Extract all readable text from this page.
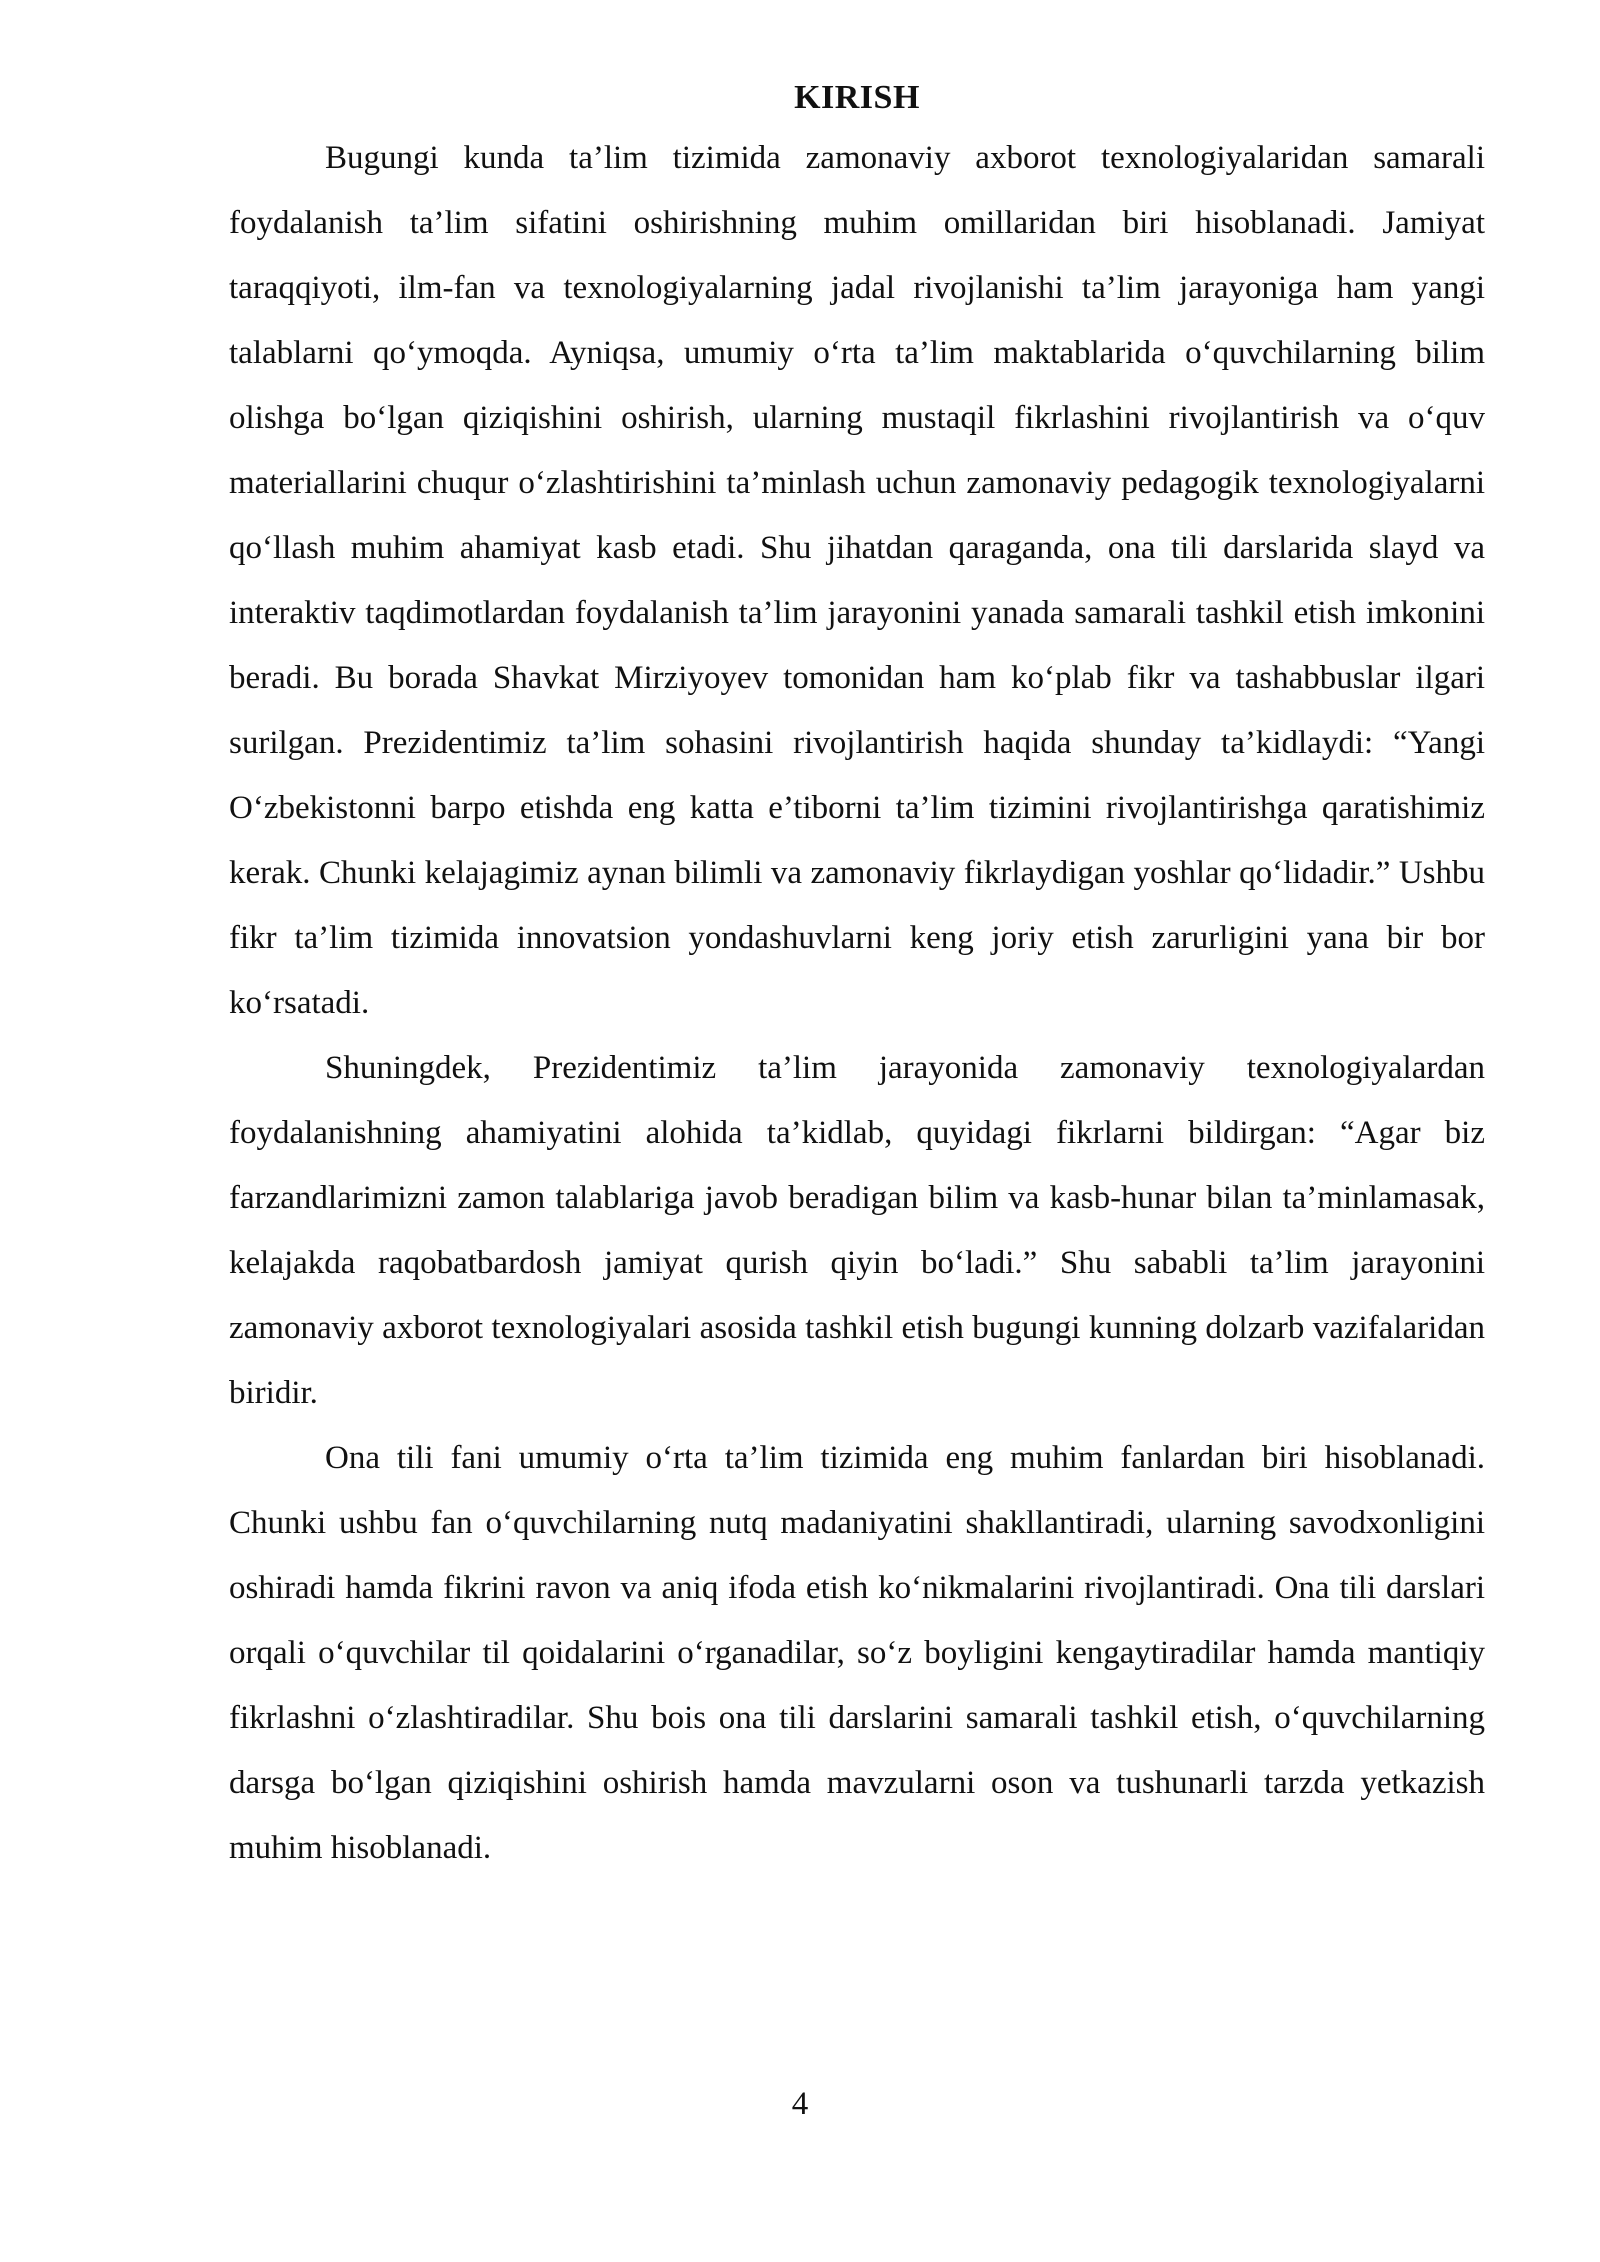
KIRISH

Bugungi kunda ta’lim tizimida zamonaviy axborot texnologiyalaridan samarali foydalanish ta’lim sifatini oshirishning muhim omillaridan biri hisoblanadi. Jamiyat taraqqiyoti, ilm-fan va texnologiyalarning jadal rivojlanishi ta’lim jarayoniga ham yangi talablarni qo‘ymoqda. Ayniqsa, umumiy o‘rta ta’lim maktablarida o‘quvchilarning bilim olishga bo‘lgan qiziqishini oshirish, ularning mustaqil fikrlashini rivojlantirish va o‘quv materiallarini chuqur o‘zlashtirishini ta’minlash uchun zamonaviy pedagogik texnologiyalarni qo‘llash muhim ahamiyat kasb etadi. Shu jihatdan qaraganda, ona tili darslarida slayd va interaktiv taqdimotlardan foydalanish ta’lim jarayonini yanada samarali tashkil etish imkonini beradi. Bu borada Shavkat Mirziyoyev tomonidan ham ko‘plab fikr va tashabbuslar ilgari surilgan. Prezidentimiz ta’lim sohasini rivojlantirish haqida shunday ta’kidlaydi: “Yangi O‘zbekistonni barpo etishda eng katta e’tiborni ta’lim tizimini rivojlantirishga qaratishimiz kerak. Chunki kelajagimiz aynan bilimli va zamonaviy fikrlaydigan yoshlar qo‘lidadir.” Ushbu fikr ta’lim tizimida innovatsion yondashuvlarni keng joriy etish zarurligini yana bir bor ko‘rsatadi.

Shuningdek, Prezidentimiz ta’lim jarayonida zamonaviy texnologiyalardan foydalanishning ahamiyatini alohida ta’kidlab, quyidagi fikrlarni bildirgan: “Agar biz farzandlarimizni zamon talablariga javob beradigan bilim va kasb-hunar bilan ta’minlamasak, kelajakda raqobatbardosh jamiyat qurish qiyin bo‘ladi.” Shu sababli ta’lim jarayonini zamonaviy axborot texnologiyalari asosida tashkil etish bugungi kunning dolzarb vazifalaridan biridir.

Ona tili fani umumiy o‘rta ta’lim tizimida eng muhim fanlardan biri hisoblanadi. Chunki ushbu fan o‘quvchilarning nutq madaniyatini shakllantiradi, ularning savodxonligini oshiradi hamda fikrini ravon va aniq ifoda etish ko‘nikmalarini rivojlantiradi. Ona tili darslari orqali o‘quvchilar til qoidalarini o‘rganadilar, so‘z boyligini kengaytiradilar hamda mantiqiy fikrlashni o‘zlashtiradilar. Shu bois ona tili darslarini samarali tashkil etish, o‘quvchilarning darsga bo‘lgan qiziqishini oshirish hamda mavzularni oson va tushunarli tarzda yetkazish muhim hisoblanadi.

4
